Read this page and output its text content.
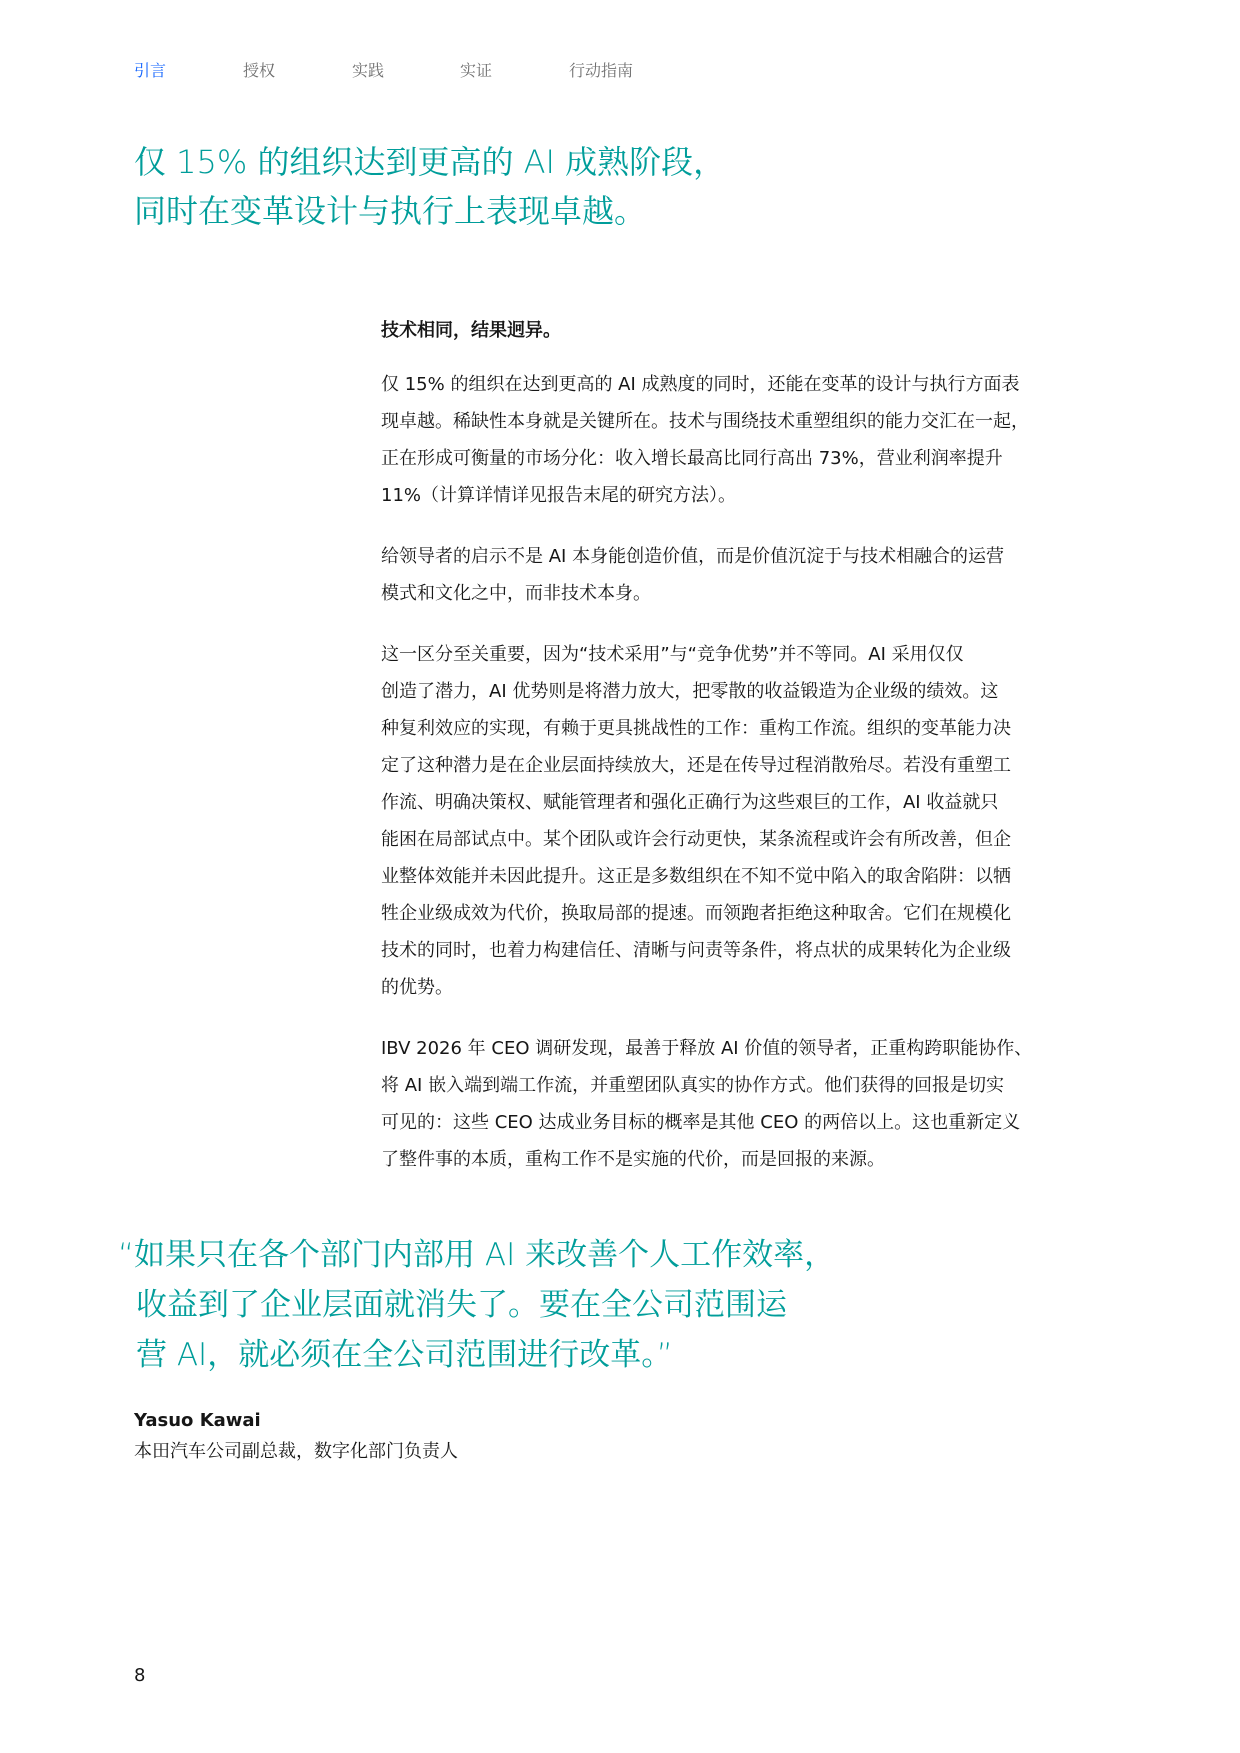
引言	授权	实践	实证	行动指南
仅 15% 的组织达到更高的 AI 成熟阶段，
同时在变革设计与执行上表现卓越。
技术相同，结果迥异。

仅 15% 的组织在达到更高的 AI 成熟度的同时，还能在变革的设计与执行方面表
现卓越。稀缺性本身就是关键所在。技术与围绕技术重塑组织的能力交汇在一起，
正在形成可衡量的市场分化：收入增长最高比同行高出 73%，营业利润率提升
11%（计算详情详见报告末尾的研究方法）。

给领导者的启示不是 AI 本身能创造价值，而是价值沉淀于与技术相融合的运营
模式和文化之中，而非技术本身。

这一区分至关重要，因为“技术采用”与“竞争优势”并不等同。AI 采用仅仅
创造了潜力，AI 优势则是将潜力放大，把零散的收益锻造为企业级的绩效。这
种复利效应的实现，有赖于更具挑战性的工作：重构工作流。组织的变革能力决
定了这种潜力是在企业层面持续放大，还是在传导过程消散殆尽。若没有重塑工
作流、明确决策权、赋能管理者和强化正确行为这些艰巨的工作，AI 收益就只
能困在局部试点中。某个团队或许会行动更快，某条流程或许会有所改善，但企
业整体效能并未因此提升。这正是多数组织在不知不觉中陷入的取舍陷阱：以牺
牲企业级成效为代价，换取局部的提速。而领跑者拒绝这种取舍。它们在规模化
技术的同时，也着力构建信任、清晰与问责等条件，将点状的成果转化为企业级
的优势。

IBV 2026 年 CEO 调研发现，最善于释放 AI 价值的领导者，正重构跨职能协作、
将 AI 嵌入端到端工作流，并重塑团队真实的协作方式。他们获得的回报是切实
可见的：这些 CEO 达成业务目标的概率是其他 CEO 的两倍以上。这也重新定义
了整件事的本质，重构工作不是实施的代价，而是回报的来源。

“如果只在各个部门内部用 AI 来改善个人工作效率，
收益到了企业层面就消失了。要在全公司范围运
营 AI，就必须在全公司范围进行改革。”
Yasuo Kawai
本田汽车公司副总裁，数字化部门负责人
8
